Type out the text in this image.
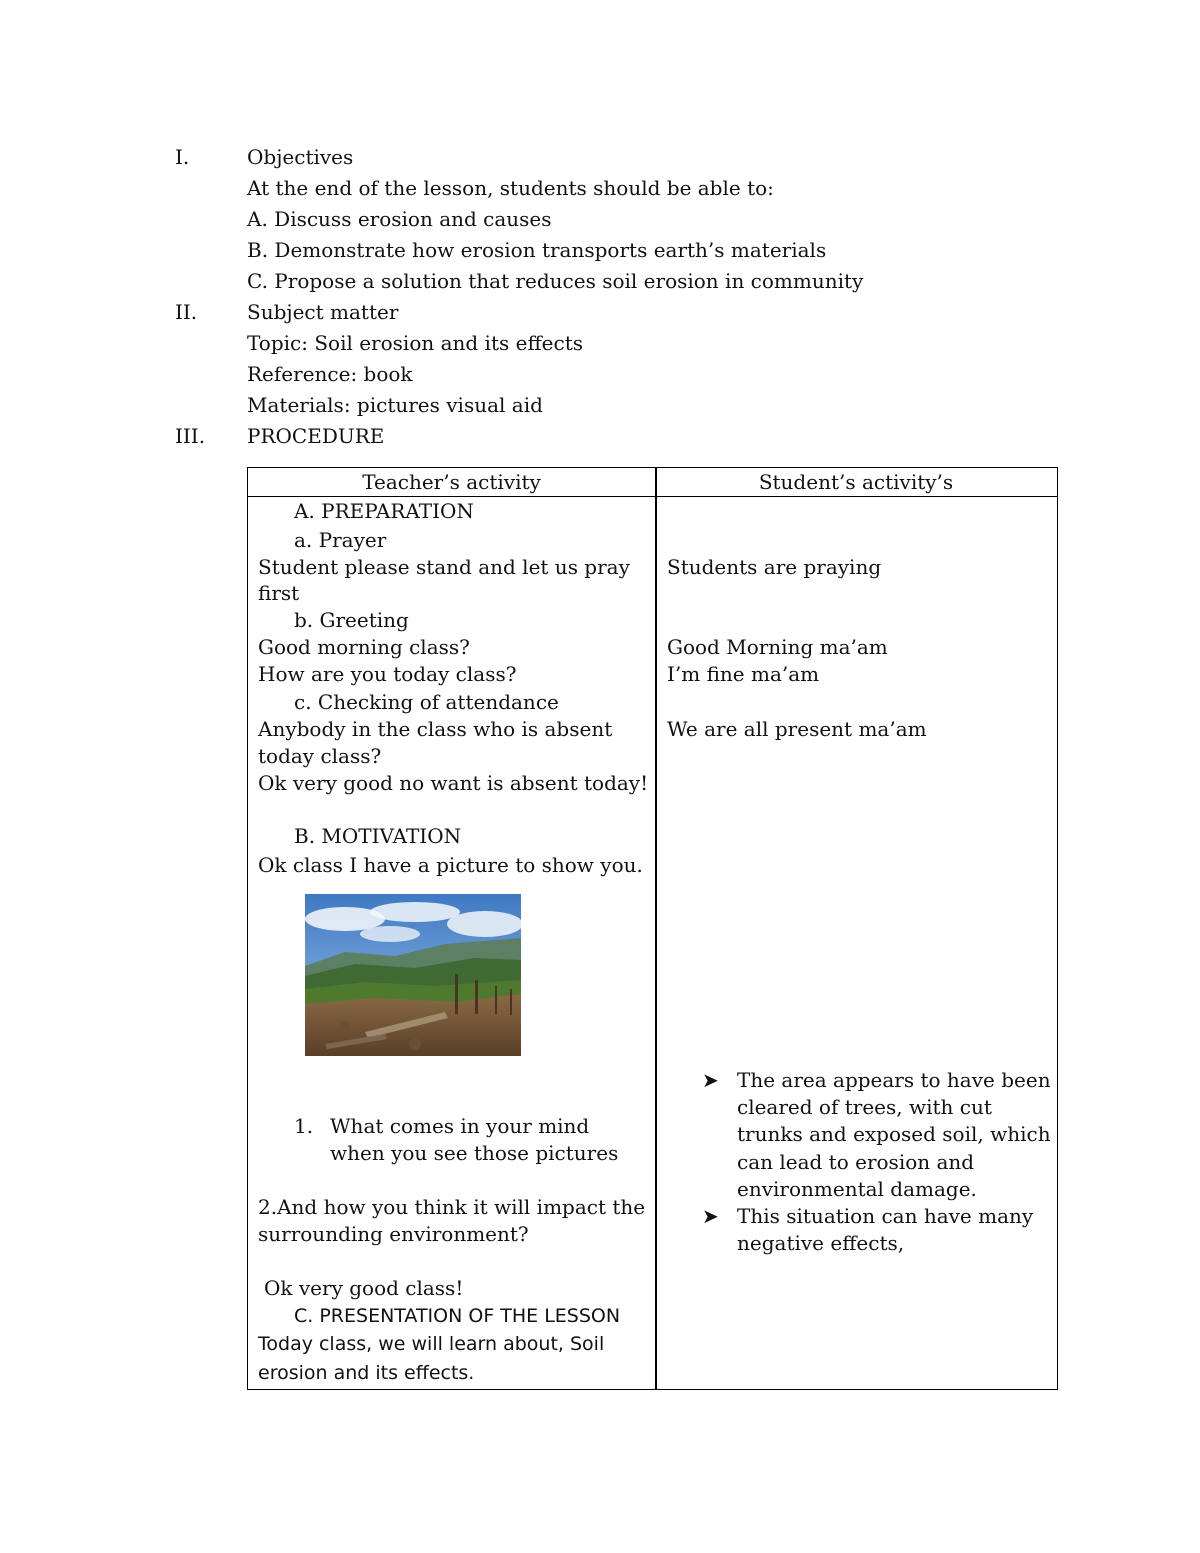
I.	Objectives
At the end of the lesson, students should be able to:
A. Discuss erosion and causes
B. Demonstrate how erosion transports earth’s materials
C. Propose a solution that reduces soil erosion in community
II. Subject matter
Topic: Soil erosion and its effects
Reference: book
Materials: pictures visual aid
III. PROCEDURE
Teacher’s activity	Student’s activity’s
A. PREPARATION
a. Prayer
Student please stand and let us pray
first
b. Greeting
Good morning class?
How are you today class?
c. Checking of attendance
Anybody in the class who is absent
today class?
Ok very good no want is absent today!
B. MOTIVATION
Ok class I have a picture to show you.
1. What comes in your mind
when you see those pictures
2.And how you think it will impact the
surrounding environment?
Ok very good class!
C. PRESENTATION OF THE LESSON
Today class, we will learn about, Soil
erosion and its effects.
Students are praying
Good Morning ma’am
I’m fine ma’am
We are all present ma’am
➤ The area appears to have been
cleared of trees, with cut
trunks and exposed soil, which
can lead to erosion and
environmental damage.
➤ This situation can have many
negative effects,
